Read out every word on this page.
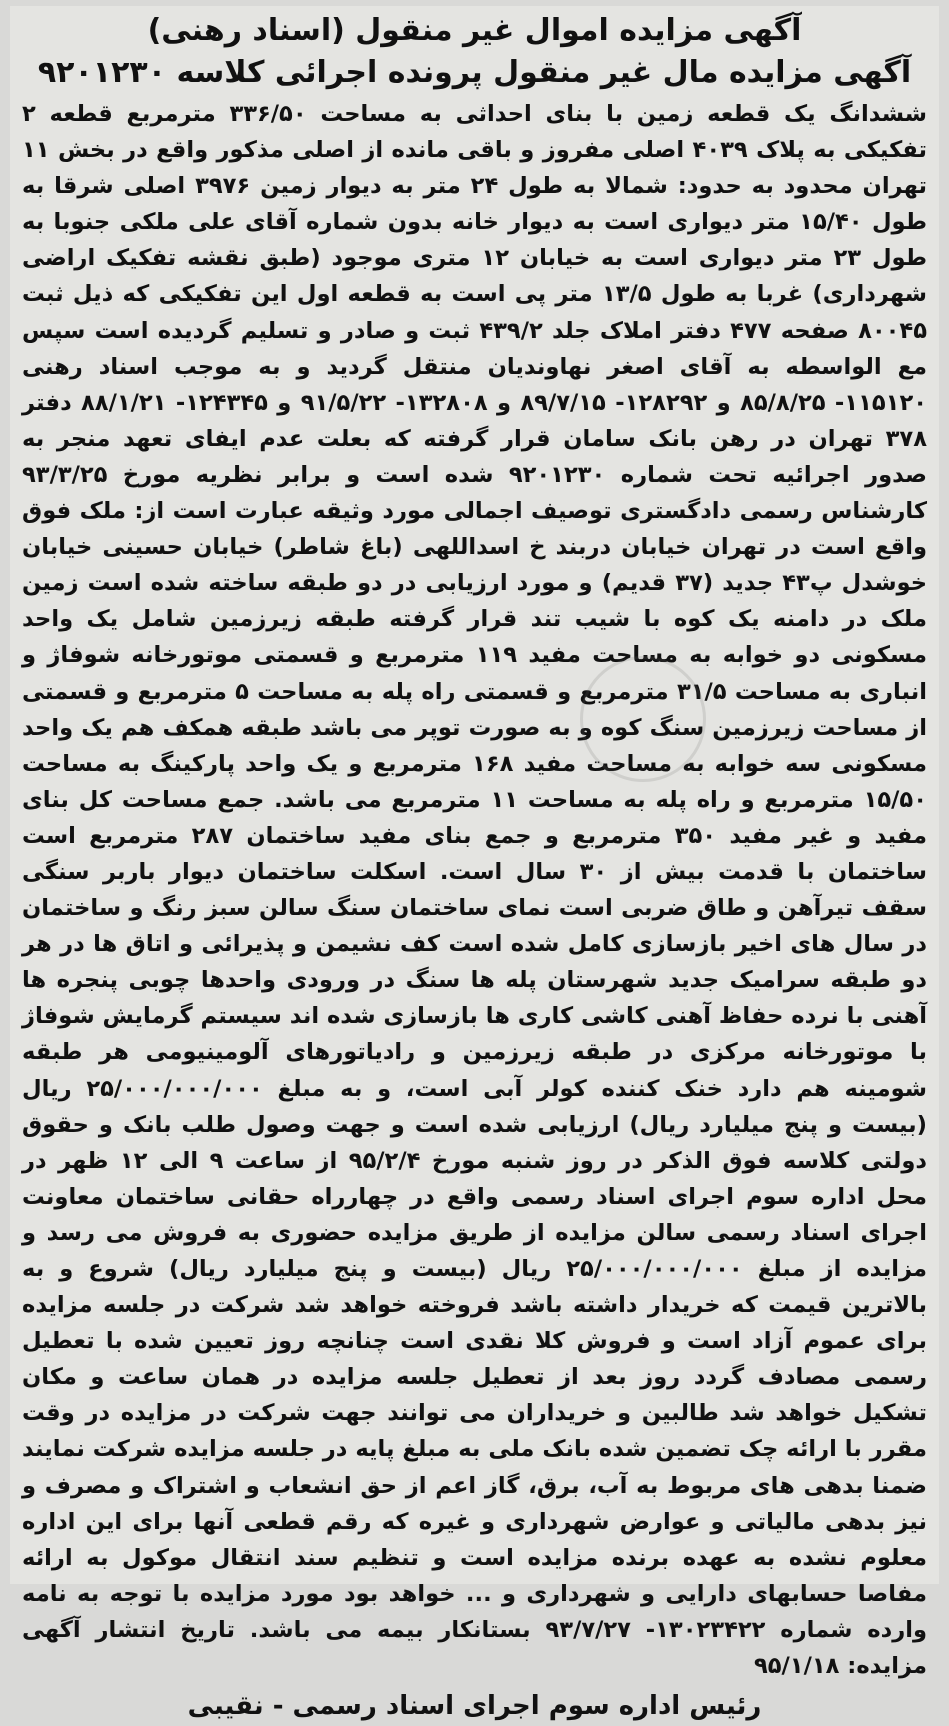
آگهی مزایده اموال غیر منقول (اسناد رهنی)
آگهی مزایده مال غیر منقول پرونده اجرائی کلاسه ۹۲۰۱۲۳۰

ششدانگ یک قطعه زمین با بنای احداثی به مساحت ۳۳۶/۵۰ مترمربع قطعه ۲ تفکیکی به پلاک ۴۰۳۹ اصلی مفروز و باقی مانده از اصلی مذکور واقع در بخش ۱۱ تهران محدود به حدود: شمالا به طول ۲۴ متر به دیوار زمین ۳۹۷۶ اصلی شرقا به طول ۱۵/۴۰ متر دیواری است به دیوار خانه بدون شماره آقای علی ملکی جنوبا به طول ۲۳ متر دیواری است به خیابان ۱۲ متری موجود (طبق نقشه تفکیک اراضی شهرداری) غربا به طول ۱۳/۵ متر پی است به قطعه اول این تفکیکی که ذیل ثبت ۸۰۰۴۵ صفحه ۴۷۷ دفتر املاک جلد ۴۳۹/۲ ثبت و صادر و تسلیم گردیده است سپس مع الواسطه به آقای اصغر نهاوندیان منتقل گردید و به موجب اسناد رهنی ۱۱۵۱۲۰- ۸۵/۸/۲۵ و ۱۲۸۲۹۲- ۸۹/۷/۱۵ و ۱۳۲۸۰۸- ۹۱/۵/۲۲ و ۱۲۴۳۴۵- ۸۸/۱/۲۱ دفتر ۳۷۸ تهران در رهن بانک سامان قرار گرفته که بعلت عدم ایفای تعهد منجر به صدور اجرائیه تحت شماره ۹۲۰۱۲۳۰ شده است و برابر نظریه مورخ ۹۳/۳/۲۵ کارشناس رسمی دادگستری توصیف اجمالی مورد وثیقه عبارت است از: ملک فوق واقع است در تهران خیابان دربند خ اسداللهی (باغ شاطر) خیابان حسینی خیابان خوشدل پ۴۳ جدید (۳۷ قدیم) و مورد ارزیابی در دو طبقه ساخته شده است زمین ملک در دامنه یک کوه با شیب تند قرار گرفته طبقه زیرزمین شامل یک واحد مسکونی دو خوابه به مساحت مفید ۱۱۹ مترمربع و قسمتی موتورخانه شوفاژ و انباری به مساحت ۳۱/۵ مترمربع و قسمتی راه پله به مساحت ۵ مترمربع و قسمتی از مساحت زیرزمین سنگ کوه و به صورت توپر می باشد طبقه همکف هم یک واحد مسکونی سه خوابه به مساحت مفید ۱۶۸ مترمربع و یک واحد پارکینگ به مساحت ۱۵/۵۰ مترمربع و راه پله به مساحت ۱۱ مترمربع می باشد. جمع مساحت کل بنای مفید و غیر مفید ۳۵۰ مترمربع و جمع بنای مفید ساختمان ۲۸۷ مترمربع است ساختمان با قدمت بیش از ۳۰ سال است. اسکلت ساختمان دیوار باربر سنگی سقف تیرآهن و طاق ضربی است نمای ساختمان سنگ سالن سبز رنگ و ساختمان در سال های اخیر بازسازی کامل شده است کف نشیمن و پذیرائی و اتاق ها در هر دو طبقه سرامیک جدید شهرستان پله ها سنگ در ورودی واحدها چوبی پنجره ها آهنی با نرده حفاظ آهنی کاشی کاری ها بازسازی شده اند سیستم گرمایش شوفاژ با موتورخانه مرکزی در طبقه زیرزمین و رادیاتورهای آلومینیومی هر طبقه شومینه هم دارد خنک کننده کولر آبی است، و به مبلغ ۲۵/۰۰۰/۰۰۰/۰۰۰ ریال (بیست و پنج میلیارد ریال) ارزیابی شده است و جهت وصول طلب بانک و حقوق دولتی کلاسه فوق الذکر در روز شنبه مورخ ۹۵/۲/۴ از ساعت ۹ الی ۱۲ ظهر در محل اداره سوم اجرای اسناد رسمی واقع در چهارراه حقانی ساختمان معاونت اجرای اسناد رسمی سالن مزایده از طریق مزایده حضوری به فروش می رسد و مزایده از مبلغ ۲۵/۰۰۰/۰۰۰/۰۰۰ ریال (بیست و پنج میلیارد ریال) شروع و به بالاترین قیمت که خریدار داشته باشد فروخته خواهد شد شرکت در جلسه مزایده برای عموم آزاد است و فروش کلا نقدی است چنانچه روز تعیین شده با تعطیل رسمی مصادف گردد روز بعد از تعطیل جلسه مزایده در همان ساعت و مکان تشکیل خواهد شد طالبین و خریداران می توانند جهت شرکت در مزایده در وقت مقرر با ارائه چک تضمین شده بانک ملی به مبلغ پایه در جلسه مزایده شرکت نمایند ضمنا بدهی های مربوط به آب، برق، گاز اعم از حق انشعاب و اشتراک و مصرف و نیز بدهی مالیاتی و عوارض شهرداری و غیره که رقم قطعی آنها برای این اداره معلوم نشده به عهده برنده مزایده است و تنظیم سند انتقال موکول به ارائه مفاصا حسابهای دارایی و شهرداری و ... خواهد بود مورد مزایده با توجه به نامه وارده شماره ۱۳۰۲۳۴۲۲- ۹۳/۷/۲۷ بستانکار بیمه می باشد. تاریخ انتشار آگهی مزایده: ۹۵/۱/۱۸

رئیس اداره سوم اجرای اسناد رسمی - نقیبی
